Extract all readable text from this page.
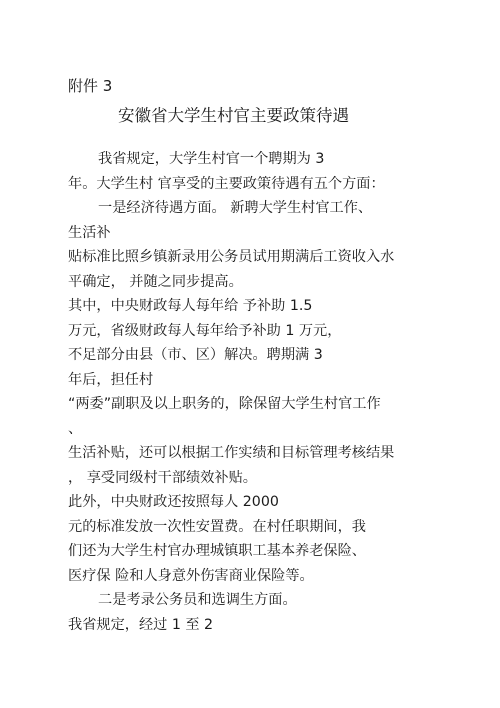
附件 3
安徽省大学生村官主要政策待遇
我省规定，大学生村官一个聘期为 3
年。大学生村 官享受的主要政策待遇有五个方面：
一是经济待遇方面。 新聘大学生村官工作、
生活补
贴标准比照乡镇新录用公务员试用期满后工资收入水
平确定， 并随之同步提高。
其中，中央财政每人每年给 予补助 1.5
万元，省级财政每人每年给予补助 1 万元，
不足部分由县（市、区）解决。聘期满 3
年后，担任村
“两委”副职及以上职务的，除保留大学生村官工作
、
生活补贴，还可以根据工作实绩和目标管理考核结果
， 享受同级村干部绩效补贴。
此外，中央财政还按照每人 2000
元的标准发放一次性安置费。在村任职期间，我
们还为大学生村官办理城镇职工基本养老保险、
医疗保 险和人身意外伤害商业保险等。
二是考录公务员和选调生方面。
我省规定，经过 1 至 2
